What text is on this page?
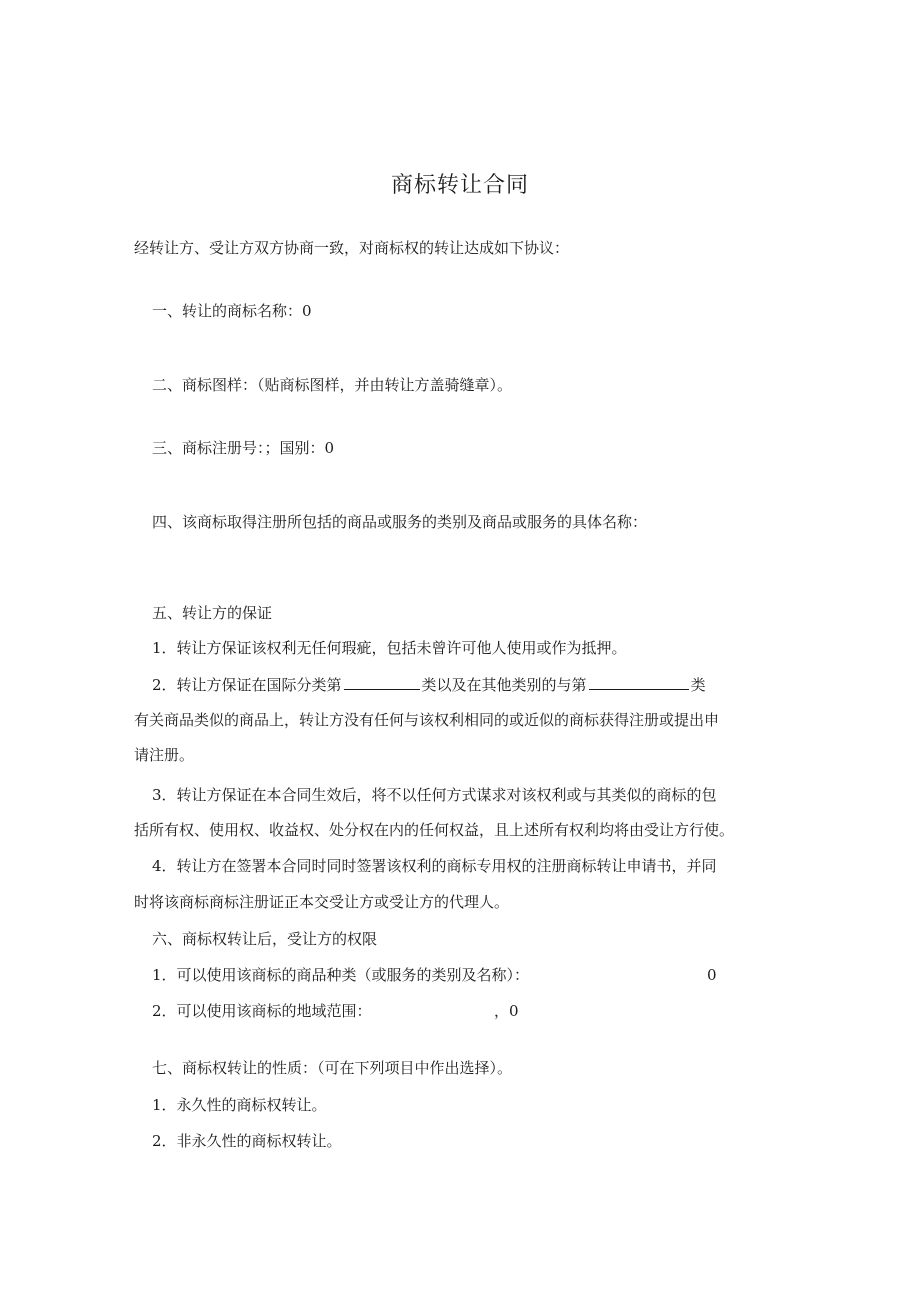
商标转让合同
经转让方、受让方双方协商一致，对商标权的转让达成如下协议：
一、转让的商标名称：0
二、商标图样：（贴商标图样，并由转让方盖骑缝章）。
三、商标注册号：；国别：0
四、该商标取得注册所包括的商品或服务的类别及商品或服务的具体名称：
五、转让方的保证
1．转让方保证该权利无任何瑕疵，包括未曾许可他人使用或作为抵押。
2．转让方保证在国际分类第	类以及在其他类别的与第	类
有关商品类似的商品上，转让方没有任何与该权利相同的或近似的商标获得注册或提出申
请注册。
3．转让方保证在本合同生效后，将不以任何方式谋求对该权利或与其类似的商标的包
括所有权、使用权、收益权、处分权在内的任何权益，且上述所有权利均将由受让方行使。
4．转让方在签署本合同时同时签署该权利的商标专用权的注册商标转让申请书，并同
时将该商标商标注册证正本交受让方或受让方的代理人。
六、商标权转让后，受让方的权限
1．可以使用该商标的商品种类（或服务的类别及名称）：	0
2．可以使用该商标的地域范围：	，0
七、商标权转让的性质：（可在下列项目中作出选择）。
1．永久性的商标权转让。
2．非永久性的商标权转让。
